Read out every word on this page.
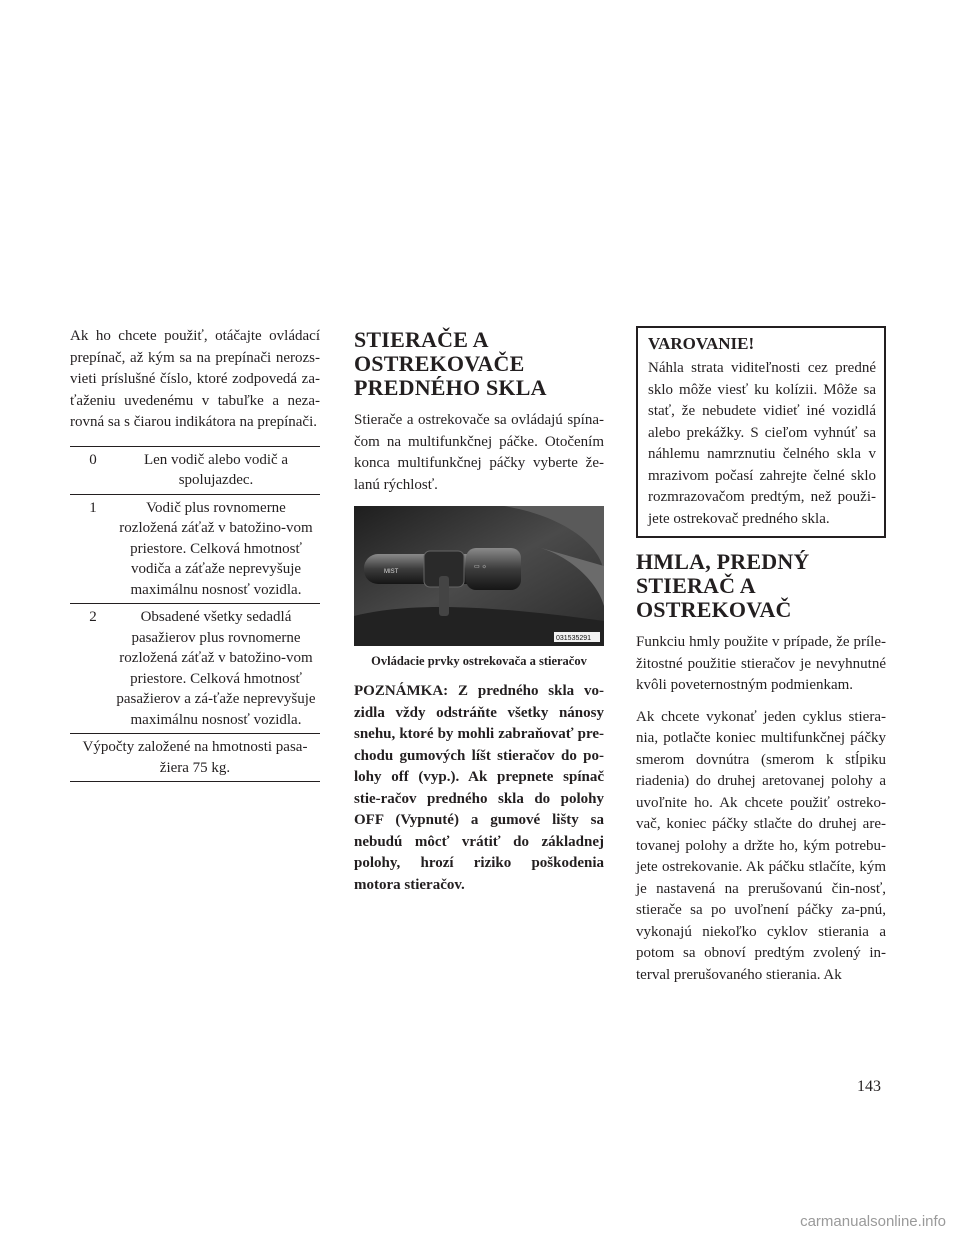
Ak ho chcete použiť, otáčajte ovládací prepínač, až kým sa na prepínači nerozs-vieti príslušné číslo, ktoré zodpovedá za-ťaženiu uvedenému v tabuľke a neza-rovná sa s čiarou indikátora na prepínači.

0	Len vodič alebo vodič a spolujazdec.
1	Vodič plus rovnomerne rozložená záťaž v batožino-vom priestore. Celková hmotnosť vodiča a záťaže neprevyšuje maximálnu nosnosť vozidla.
2	Obsadené všetky sedadlá pasažierov plus rovnomerne rozložená záťaž v batožino-vom priestore. Celková hmotnosť pasažierov a zá-ťaže neprevyšuje maximálnu nosnosť vozidla.
Výpočty založené na hmotnosti pasa-žiera 75 kg.	
STIERAČE A OSTREKOVAČE PREDNÉHO SKLA

Stierače a ostrekovače sa ovládajú spína-čom na multifunkčnej páčke. Otočením konca multifunkčnej páčky vyberte že-lanú rýchlosť.

MIST
▭ ☼
031535291
Ovládacie prvky ostrekovača a stieračov

POZNÁMKA: Z predného skla vo-zidla vždy odstráňte všetky nánosy snehu, ktoré by mohli zabraňovať pre-chodu gumových líšt stieračov do po-lohy off (vyp.). Ak prepnete spínač stie-račov predného skla do polohy OFF (Vypnuté) a gumové lišty sa nebudú môcť vrátiť do základnej polohy, hrozí riziko poškodenia motora stieračov.

VAROVANIE!

Náhla strata viditeľnosti cez predné sklo môže viesť ku kolízii. Môže sa stať, že nebudete vidieť iné vozidlá alebo prekážky. S cieľom vyhnúť sa náhlemu namrznutiu čelného skla v mrazivom počasí zahrejte čelné sklo rozmrazovačom predtým, než použi-jete ostrekovač predného skla.

HMLA, PREDNÝ STIERAČ A OSTREKOVAČ

Funkciu hmly použite v prípade, že príle-žitostné použitie stieračov je nevyhnutné kvôli poveternostným podmienkam.

Ak chcete vykonať jeden cyklus stiera-nia, potlačte koniec multifunkčnej páčky smerom dovnútra (smerom k stĺpiku riadenia) do druhej aretovanej polohy a uvoľnite ho. Ak chcete použiť ostreko-vač, koniec páčky stlačte do druhej are-tovanej polohy a držte ho, kým potrebu-jete ostrekovanie. Ak páčku stlačíte, kým je nastavená na prerušovanú čin-nosť, stierače sa po uvoľnení páčky za-pnú, vykonajú niekoľko cyklov stierania a potom sa obnoví predtým zvolený in-terval prerušovaného stierania. Ak

143
carmanualsonline.info
